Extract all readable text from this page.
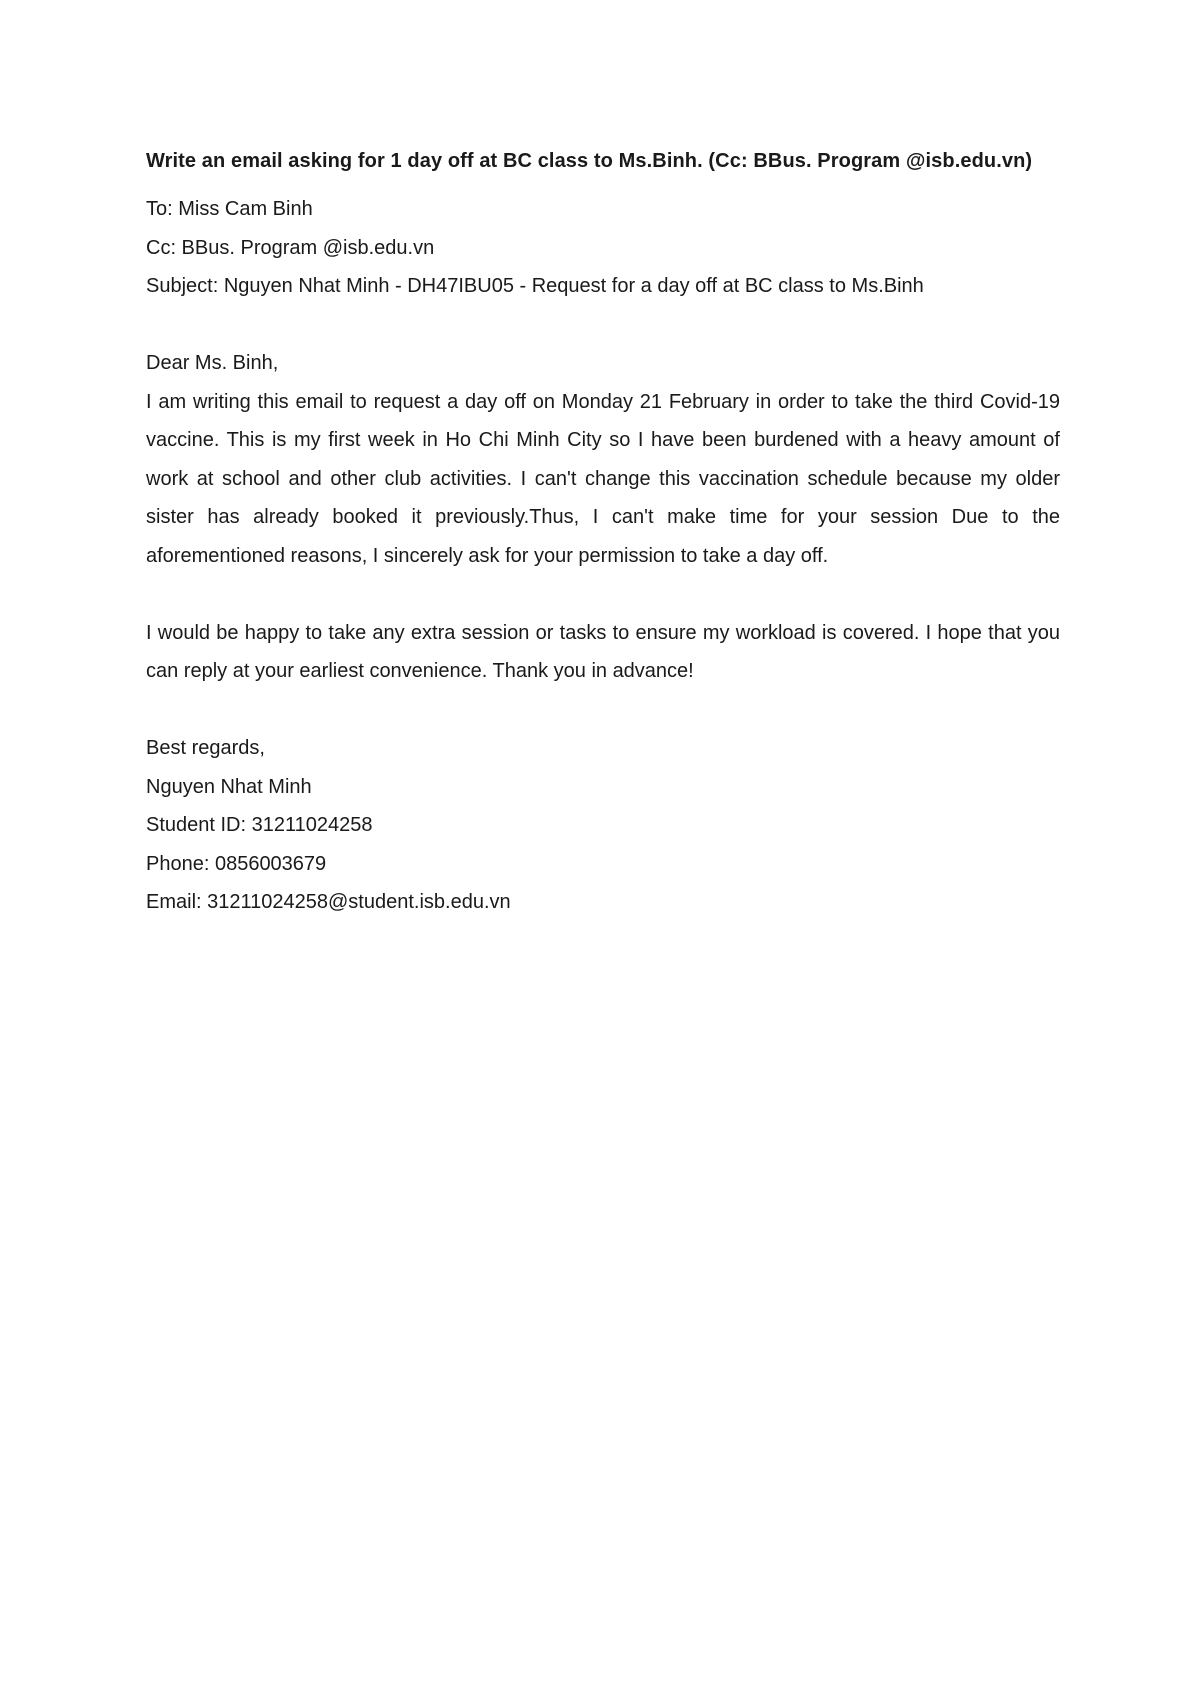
Write an email asking for 1 day off at BC class to Ms.Binh. (Cc: BBus. Program @isb.edu.vn)

To: Miss Cam Binh

Cc: BBus. Program @isb.edu.vn

Subject: Nguyen Nhat Minh - DH47IBU05 - Request for a day off at BC class to Ms.Binh

Dear Ms. Binh,

I am writing this email to request a day off on Monday 21 February in order to take the third Covid-19 vaccine. This is my first week in Ho Chi Minh City so I have been burdened with a heavy amount of work at school and other club activities. I can't change this vaccination schedule because my older sister has already booked it previously.Thus, I can't make time for your session Due to the aforementioned reasons, I sincerely ask for your permission to take a day off.

I would be happy to take any extra session or tasks to ensure my workload is covered. I hope that you can reply at your earliest convenience. Thank you in advance!

Best regards,

Nguyen Nhat Minh

Student ID: 31211024258

Phone: 0856003679

Email: 31211024258@student.isb.edu.vn
